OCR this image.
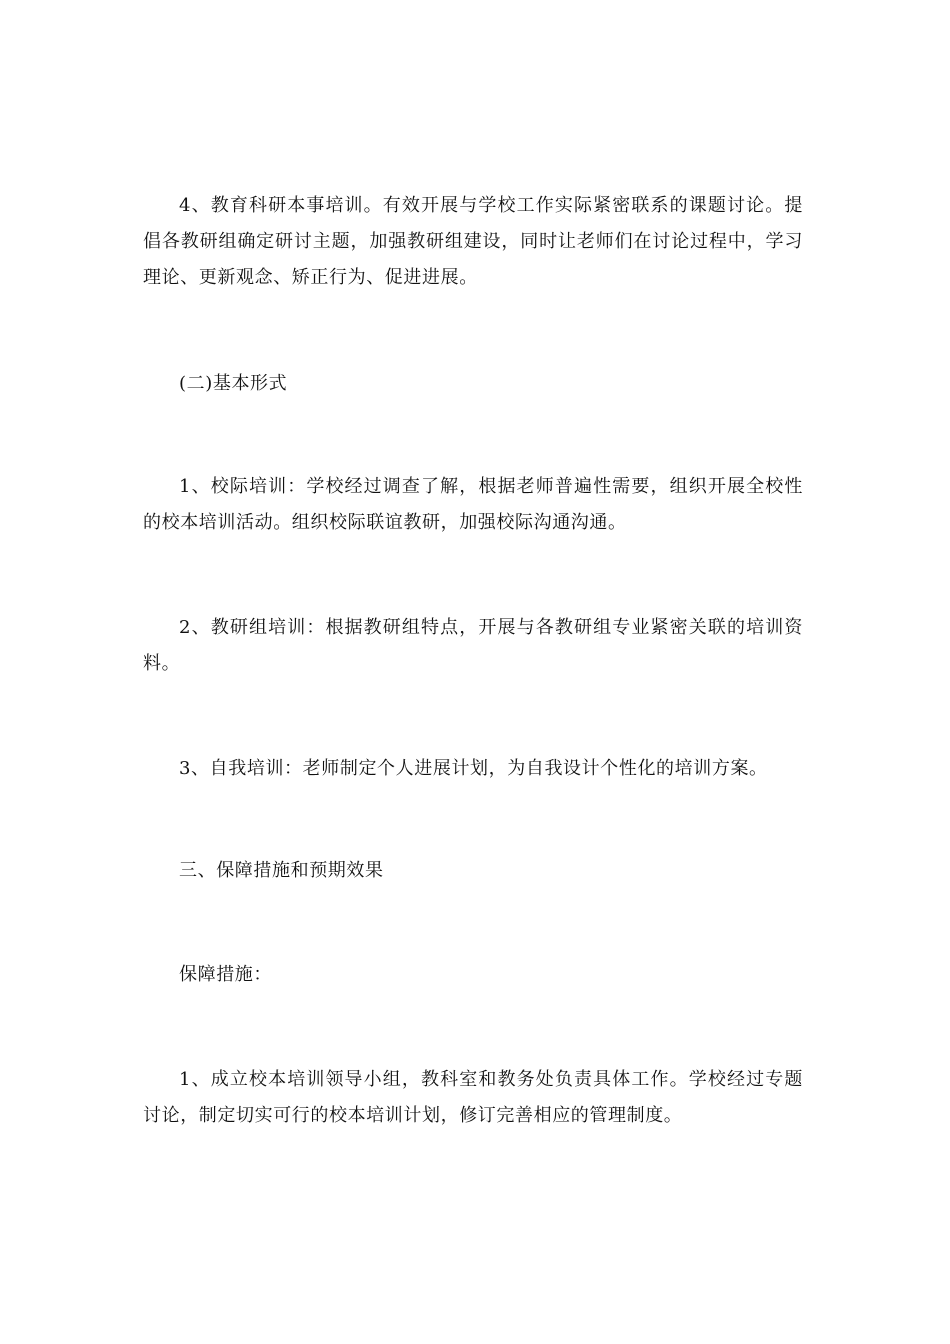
4、教育科研本事培训。有效开展与学校工作实际紧密联系的课题讨论。提倡各教研组确定研讨主题，加强教研组建设，同时让老师们在讨论过程中，学习理论、更新观念、矫正行为、促进进展。

(二)基本形式

1、校际培训：学校经过调查了解，根据老师普遍性需要，组织开展全校性的校本培训活动。组织校际联谊教研，加强校际沟通沟通。

2、教研组培训：根据教研组特点，开展与各教研组专业紧密关联的培训资料。

3、自我培训：老师制定个人进展计划，为自我设计个性化的培训方案。

三、保障措施和预期效果

保障措施：

1、成立校本培训领导小组，教科室和教务处负责具体工作。学校经过专题讨论，制定切实可行的校本培训计划，修订完善相应的管理制度。
